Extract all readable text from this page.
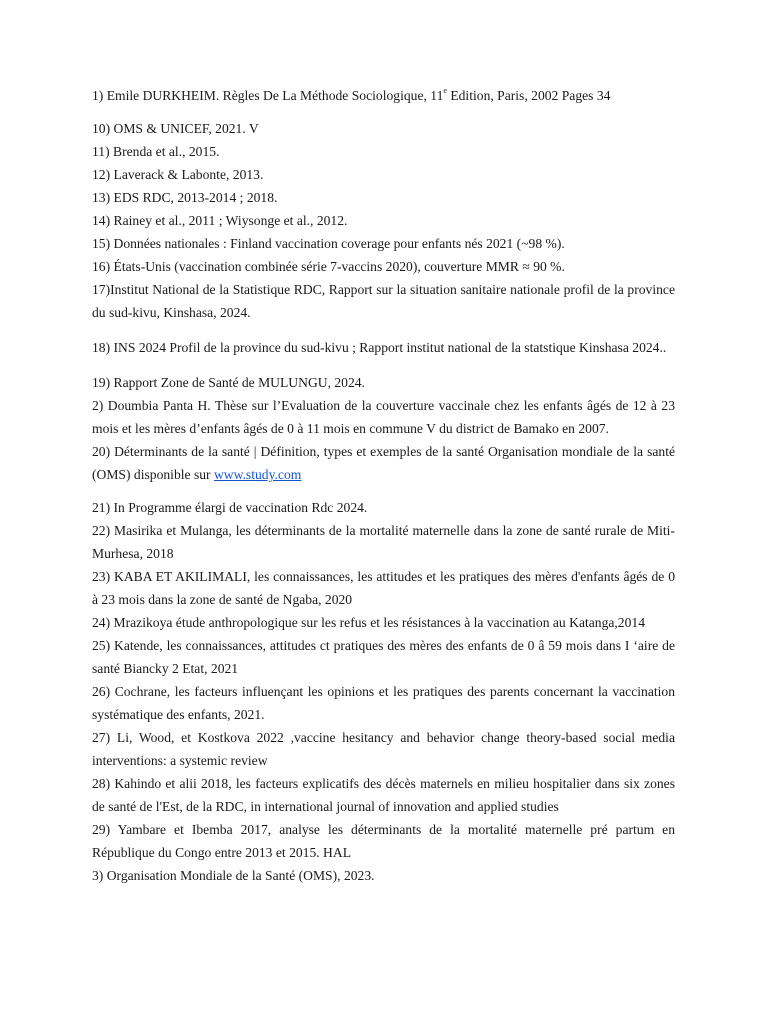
1) Emile DURKHEIM. Règles De La Méthode Sociologique, 11e Edition, Paris, 2002 Pages 34

10) OMS & UNICEF, 2021. V

11) Brenda et al., 2015.

12) Laverack & Labonte, 2013.

13) EDS RDC, 2013-2014 ; 2018.

14) Rainey et al., 2011 ; Wiysonge et al., 2012.

15) Données nationales : Finland vaccination coverage pour enfants nés 2021 (~98 %).

16) États-Unis (vaccination combinée série 7-vaccins 2020), couverture MMR ≈ 90 %.

17)Institut National de la Statistique RDC, Rapport sur la situation sanitaire nationale profil de la province du sud-kivu, Kinshasa, 2024.

18) INS 2024 Profil de la province du sud-kivu ; Rapport institut national de la statstique Kinshasa 2024..

19) Rapport Zone de Santé de MULUNGU, 2024.

2) Doumbia Panta H. Thèse sur l’Evaluation de la couverture vaccinale chez les enfants âgés de 12 à 23 mois et les mères d’enfants âgés de 0 à 11 mois en commune V du district de Bamako en 2007.

20) Déterminants de la santé | Définition, types et exemples de la santé Organisation mondiale de la santé (OMS) disponible sur www.study.com

21) In Programme élargi de vaccination Rdc 2024.

22) Masirika et Mulanga, les déterminants de la mortalité maternelle dans la zone de santé rurale de Miti-Murhesa, 2018

23) KABA ET AKILIMALI, les connaissances, les attitudes et les pratiques des mères d'enfants âgés de 0 à 23 mois dans la zone de santé de Ngaba, 2020

24) Mrazikoya étude anthropologique sur les refus et les résistances à la vaccination au Katanga,2014

25) Katende, les connaissances, attitudes ct pratiques des mères des enfants de 0 â 59 mois dans I ‘aire de santé Biancky 2 Etat, 2021

26) Cochrane, les facteurs influençant les opinions et les pratiques des parents concernant la vaccination systématique des enfants, 2021.

27) Li, Wood, et Kostkova 2022 ,vaccine hesitancy and behavior change theory-based social media interventions: a systemic review

28) Kahindo et alii 2018, les facteurs explicatifs des décès maternels en milieu hospitalier dans six zones de santé de l'Est, de la RDC, in international journal of innovation and applied studies

29) Yambare et Ibemba 2017, analyse les déterminants de la mortalité maternelle pré partum en République du Congo entre 2013 et 2015. HAL

3) Organisation Mondiale de la Santé (OMS), 2023.
